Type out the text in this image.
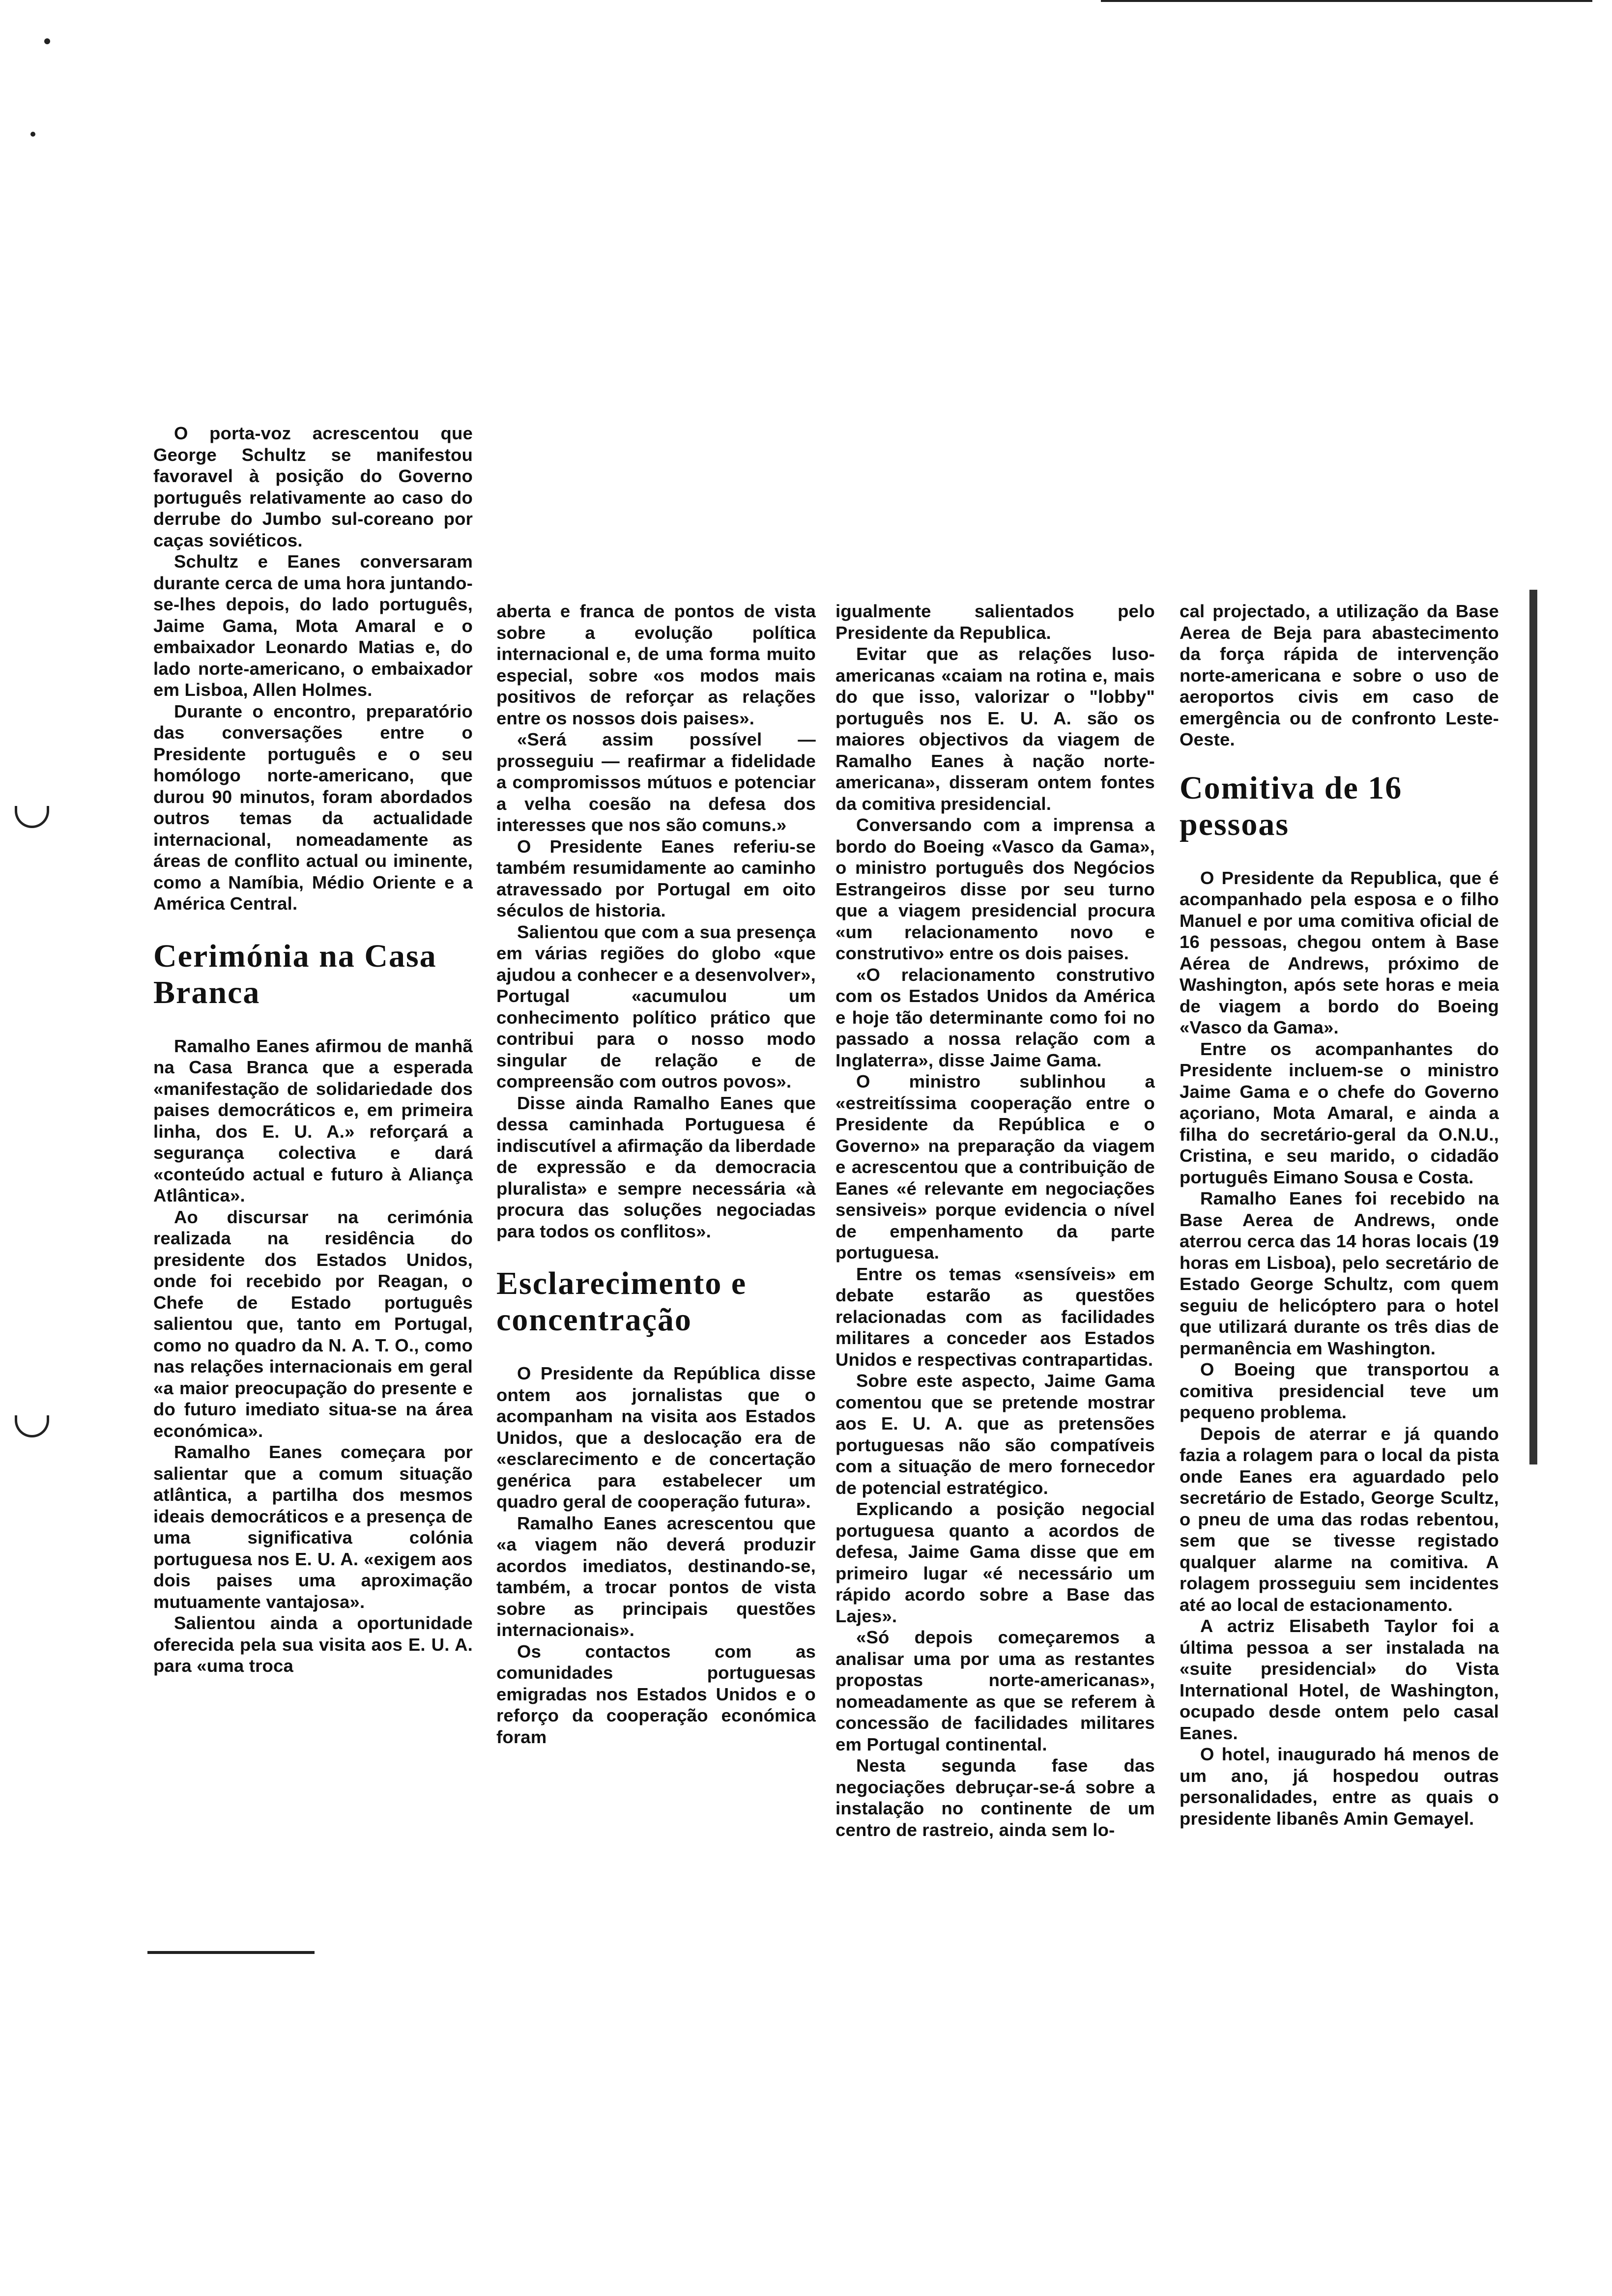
O porta-voz acrescentou que George Schultz se manifestou favoravel à posição do Governo português relativamente ao caso do derrube do Jumbo sul-coreano por caças soviéticos.

Schultz e Eanes conversaram durante cerca de uma hora juntando-se-lhes depois, do lado português, Jaime Gama, Mota Amaral e o embaixador Leonardo Matias e, do lado norte-americano, o embaixador em Lisboa, Allen Holmes.

Durante o encontro, preparatório das conversações entre o Presidente português e o seu homólogo norte-americano, que durou 90 minutos, foram abordados outros temas da actualidade internacional, nomeadamente as áreas de conflito actual ou iminente, como a Namíbia, Médio Oriente e a América Central.

Cerimónia na Casa Branca

Ramalho Eanes afirmou de manhã na Casa Branca que a esperada «manifestação de solidariedade dos paises democráticos e, em primeira linha, dos E. U. A.» reforçará a segurança colectiva e dará «conteúdo actual e futuro à Aliança Atlântica».

Ao discursar na cerimónia realizada na residência do presidente dos Estados Unidos, onde foi recebido por Reagan, o Chefe de Estado português salientou que, tanto em Portugal, como no quadro da N. A. T. O., como nas relações internacionais em geral «a maior preocupação do presente e do futuro imediato situa-se na área económica».

Ramalho Eanes começara por salientar que a comum situação atlântica, a partilha dos mesmos ideais democráticos e a presença de uma significativa colónia portuguesa nos E. U. A. «exigem aos dois paises uma aproximação mutuamente vantajosa».

Salientou ainda a oportunidade oferecida pela sua visita aos E. U. A. para «uma troca

aberta e franca de pontos de vista sobre a evolução política internacional e, de uma forma muito especial, sobre «os modos mais positivos de reforçar as relações entre os nossos dois paises».

«Será assim possível — prosseguiu — reafirmar a fidelidade a compromissos mútuos e potenciar a velha coesão na defesa dos interesses que nos são comuns.»

O Presidente Eanes referiu-se também resumidamente ao caminho atravessado por Portugal em oito séculos de historia.

Salientou que com a sua presença em várias regiões do globo «que ajudou a conhecer e a desenvolver», Portugal «acumulou um conhecimento político prático que contribui para o nosso modo singular de relação e de compreensão com outros povos».

Disse ainda Ramalho Eanes que dessa caminhada Portuguesa é indiscutível a afirmação da liberdade de expressão e da democracia pluralista» e sempre necessária «à procura das soluções negociadas para todos os conflitos».

Esclarecimento e concentração

O Presidente da República disse ontem aos jornalistas que o acompanham na visita aos Estados Unidos, que a deslocação era de «esclarecimento e de concertação genérica para estabelecer um quadro geral de cooperação futura».

Ramalho Eanes acrescentou que «a viagem não deverá produzir acordos imediatos, destinando-se, também, a trocar pontos de vista sobre as principais questões internacionais».

Os contactos com as comunidades portuguesas emigradas nos Estados Unidos e o reforço da cooperação económica foram

igualmente salientados pelo Presidente da Republica.

Evitar que as relações luso-americanas «caiam na rotina e, mais do que isso, valorizar o "lobby" português nos E. U. A. são os maiores objectivos da viagem de Ramalho Eanes à nação norte-americana», disseram ontem fontes da comitiva presidencial.

Conversando com a imprensa a bordo do Boeing «Vasco da Gama», o ministro português dos Negócios Estrangeiros disse por seu turno que a viagem presidencial procura «um relacionamento novo e construtivo» entre os dois paises.

«O relacionamento construtivo com os Estados Unidos da América e hoje tão determinante como foi no passado a nossa relação com a Inglaterra», disse Jaime Gama.

O ministro sublinhou a «estreitíssima cooperação entre o Presidente da República e o Governo» na preparação da viagem e acrescentou que a contribuição de Eanes «é relevante em negociações sensiveis» porque evidencia o nível de empenhamento da parte portuguesa.

Entre os temas «sensíveis» em debate estarão as questões relacionadas com as facilidades militares a conceder aos Estados Unidos e respectivas contrapartidas.

Sobre este aspecto, Jaime Gama comentou que se pretende mostrar aos E. U. A. que as pretensões portuguesas não são compatíveis com a situação de mero fornecedor de potencial estratégico.

Explicando a posição negocial portuguesa quanto a acordos de defesa, Jaime Gama disse que em primeiro lugar «é necessário um rápido acordo sobre a Base das Lajes».

«Só depois começaremos a analisar uma por uma as restantes propostas norte-americanas», nomeadamente as que se referem à concessão de facilidades militares em Portugal continental.

Nesta segunda fase das negociações debruçar-se-á sobre a instalação no continente de um centro de rastreio, ainda sem lo-

cal projectado, a utilização da Base Aerea de Beja para abastecimento da força rápida de intervenção norte-americana e sobre o uso de aeroportos civis em caso de emergência ou de confronto Leste-Oeste.

Comitiva de 16 pessoas

O Presidente da Republica, que é acompanhado pela esposa e o filho Manuel e por uma comitiva oficial de 16 pessoas, chegou ontem à Base Aérea de Andrews, próximo de Washington, após sete horas e meia de viagem a bordo do Boeing «Vasco da Gama».

Entre os acompanhantes do Presidente incluem-se o ministro Jaime Gama e o chefe do Governo açoriano, Mota Amaral, e ainda a filha do secretário-geral da O.N.U., Cristina, e seu marido, o cidadão português Eimano Sousa e Costa.

Ramalho Eanes foi recebido na Base Aerea de Andrews, onde aterrou cerca das 14 horas locais (19 horas em Lisboa), pelo secretário de Estado George Schultz, com quem seguiu de helicóptero para o hotel que utilizará durante os três dias de permanência em Washington.

O Boeing que transportou a comitiva presidencial teve um pequeno problema.

Depois de aterrar e já quando fazia a rolagem para o local da pista onde Eanes era aguardado pelo secretário de Estado, George Scultz, o pneu de uma das rodas rebentou, sem que se tivesse registado qualquer alarme na comitiva. A rolagem prosseguiu sem incidentes até ao local de estacionamento.

A actriz Elisabeth Taylor foi a última pessoa a ser instalada na «suite presidencial» do Vista International Hotel, de Washington, ocupado desde ontem pelo casal Eanes.

O hotel, inaugurado há menos de um ano, já hospedou outras personalidades, entre as quais o presidente libanês Amin Gemayel.
